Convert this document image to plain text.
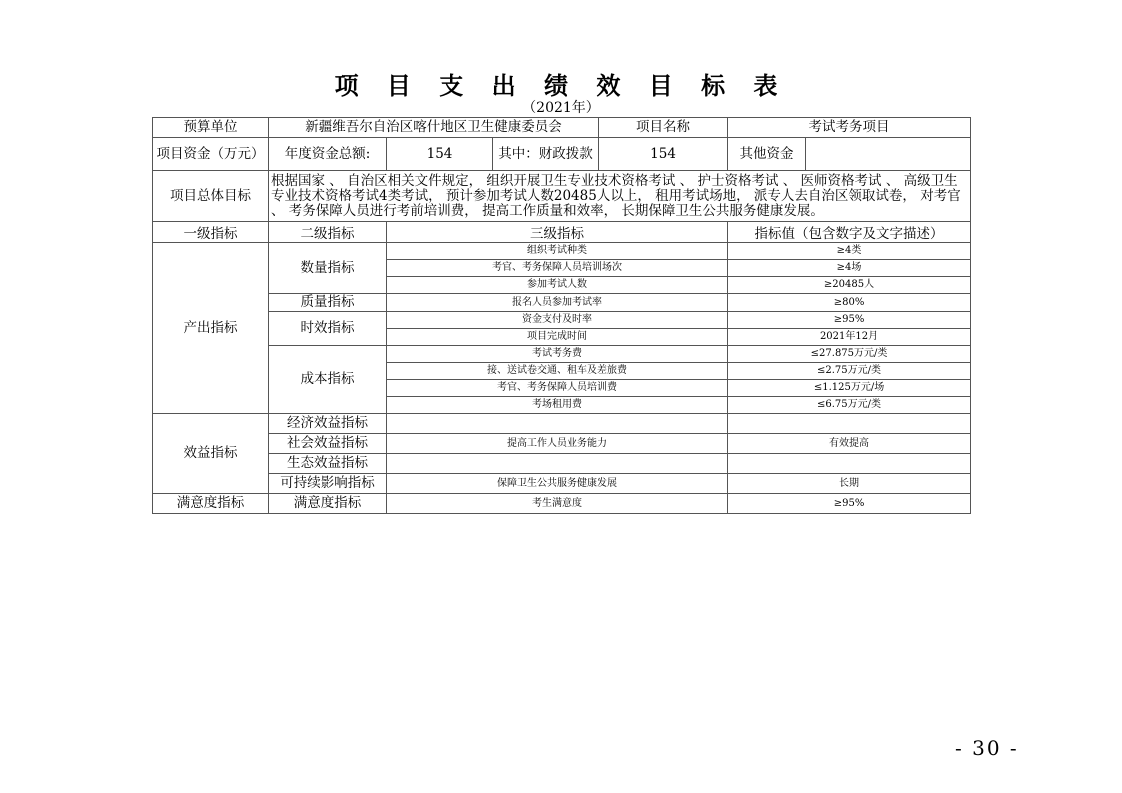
项 目 支 出 绩 效 目 标 表
（2021年）
预算单位	新疆维吾尔自治区喀什地区卫生健康委员会			项目名称	考试考务项目	
项目资金（万元）	年度资金总额:	154	其中：财政拨款	154	其他资金	
项目总体目标	根据国家 、 自治区相关文件规定， 组织开展卫生专业技术资格考试 、 护士资格考试 、 医师资格考试 、 高级卫生专业技术资格考试4类考试， 预计参加考试人数20485人以上， 租用考试场地， 派专人去自治区领取试卷， 对考官 、 考务保障人员进行考前培训费， 提高工作质量和效率， 长期保障卫生公共服务健康发展。					
一级指标	二级指标	三级指标			指标值（包含数字及文字描述）	
产出指标	数量指标	组织考试种类			≥4类	
		考官、考务保障人员培训场次			≥4场	
		参加考试人数			≥20485人	
	质量指标	报名人员参加考试率			≥80%	
	时效指标	资金支付及时率			≥95%	
		项目完成时间			2021年12月	
	成本指标	考试考务费			≤27.875万元/类	
		接、送试卷交通、租车及差旅费			≤2.75万元/类	
		考官、考务保障人员培训费			≤1.125万元/场	
		考场租用费			≤6.75万元/类	
效益指标	经济效益指标					
	社会效益指标	提高工作人员业务能力			有效提高	
	生态效益指标					
	可持续影响指标	保障卫生公共服务健康发展			长期	
满意度指标	满意度指标	考生满意度			≥95%	
- 30 -
